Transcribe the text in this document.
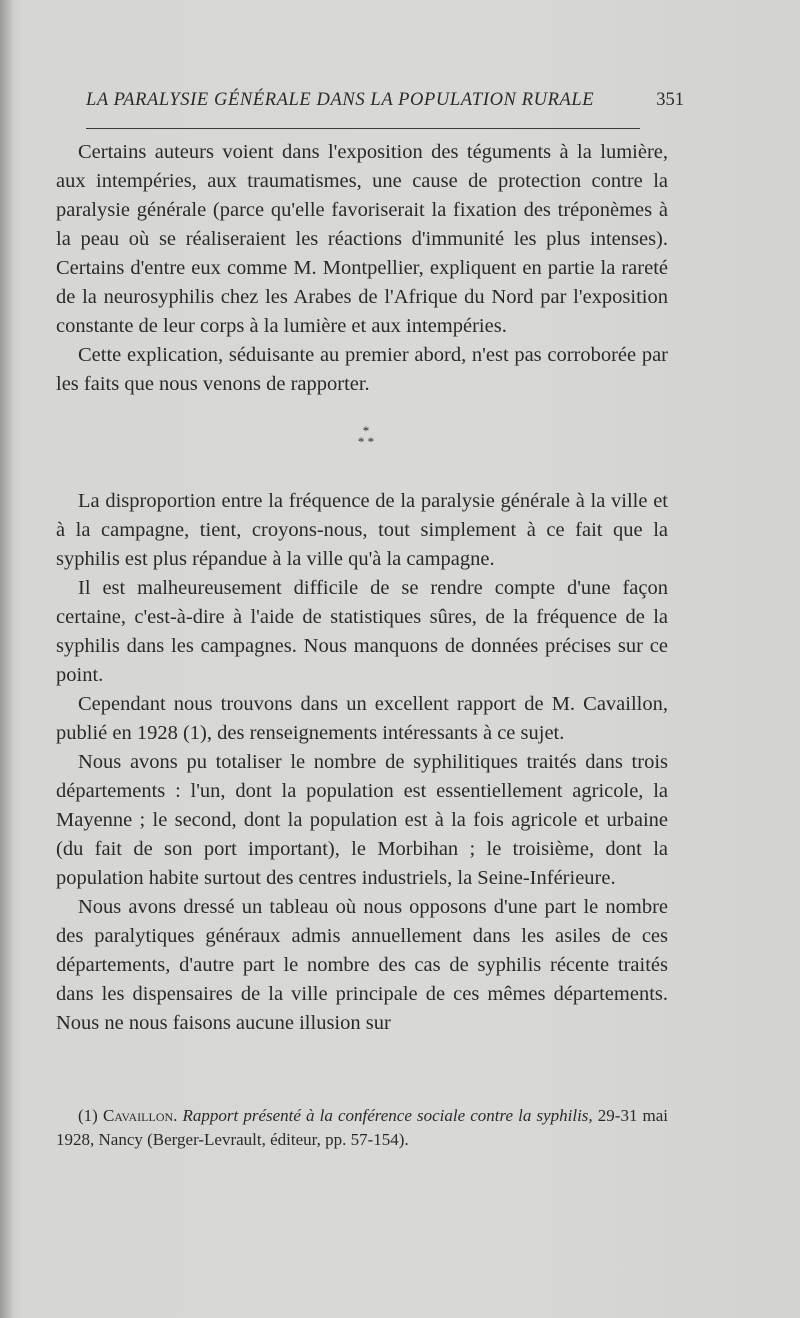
LA PARALYSIE GÉNÉRALE DANS LA POPULATION RURALE	351

Certains auteurs voient dans l'exposition des téguments à la lumière, aux intempéries, aux traumatismes, une cause de protection contre la paralysie générale (parce qu'elle favoriserait la fixation des tréponèmes à la peau où se réaliseraient les réactions d'immunité les plus intenses). Certains d'entre eux comme M. Montpellier, expliquent en partie la rareté de la neurosyphilis chez les Arabes de l'Afrique du Nord par l'exposition constante de leur corps à la lumière et aux intempéries.

Cette explication, séduisante au premier abord, n'est pas corroborée par les faits que nous venons de rapporter.

*
* *

La disproportion entre la fréquence de la paralysie générale à la ville et à la campagne, tient, croyons-nous, tout simplement à ce fait que la syphilis est plus répandue à la ville qu'à la campagne.

Il est malheureusement difficile de se rendre compte d'une façon certaine, c'est-à-dire à l'aide de statistiques sûres, de la fréquence de la syphilis dans les campagnes. Nous manquons de données précises sur ce point.

Cependant nous trouvons dans un excellent rapport de M. Cavaillon, publié en 1928 (1), des renseignements intéressants à ce sujet.

Nous avons pu totaliser le nombre de syphilitiques traités dans trois départements : l'un, dont la population est essentiellement agricole, la Mayenne ; le second, dont la population est à la fois agricole et urbaine (du fait de son port important), le Morbihan ; le troisième, dont la population habite surtout des centres industriels, la Seine-Inférieure.

Nous avons dressé un tableau où nous opposons d'une part le nombre des paralytiques généraux admis annuellement dans les asiles de ces départements, d'autre part le nombre des cas de syphilis récente traités dans les dispensaires de la ville principale de ces mêmes départements. Nous ne nous faisons aucune illusion sur

(1) Cavaillon. Rapport présenté à la conférence sociale contre la syphilis, 29-31 mai 1928, Nancy (Berger-Levrault, éditeur, pp. 57-154).
